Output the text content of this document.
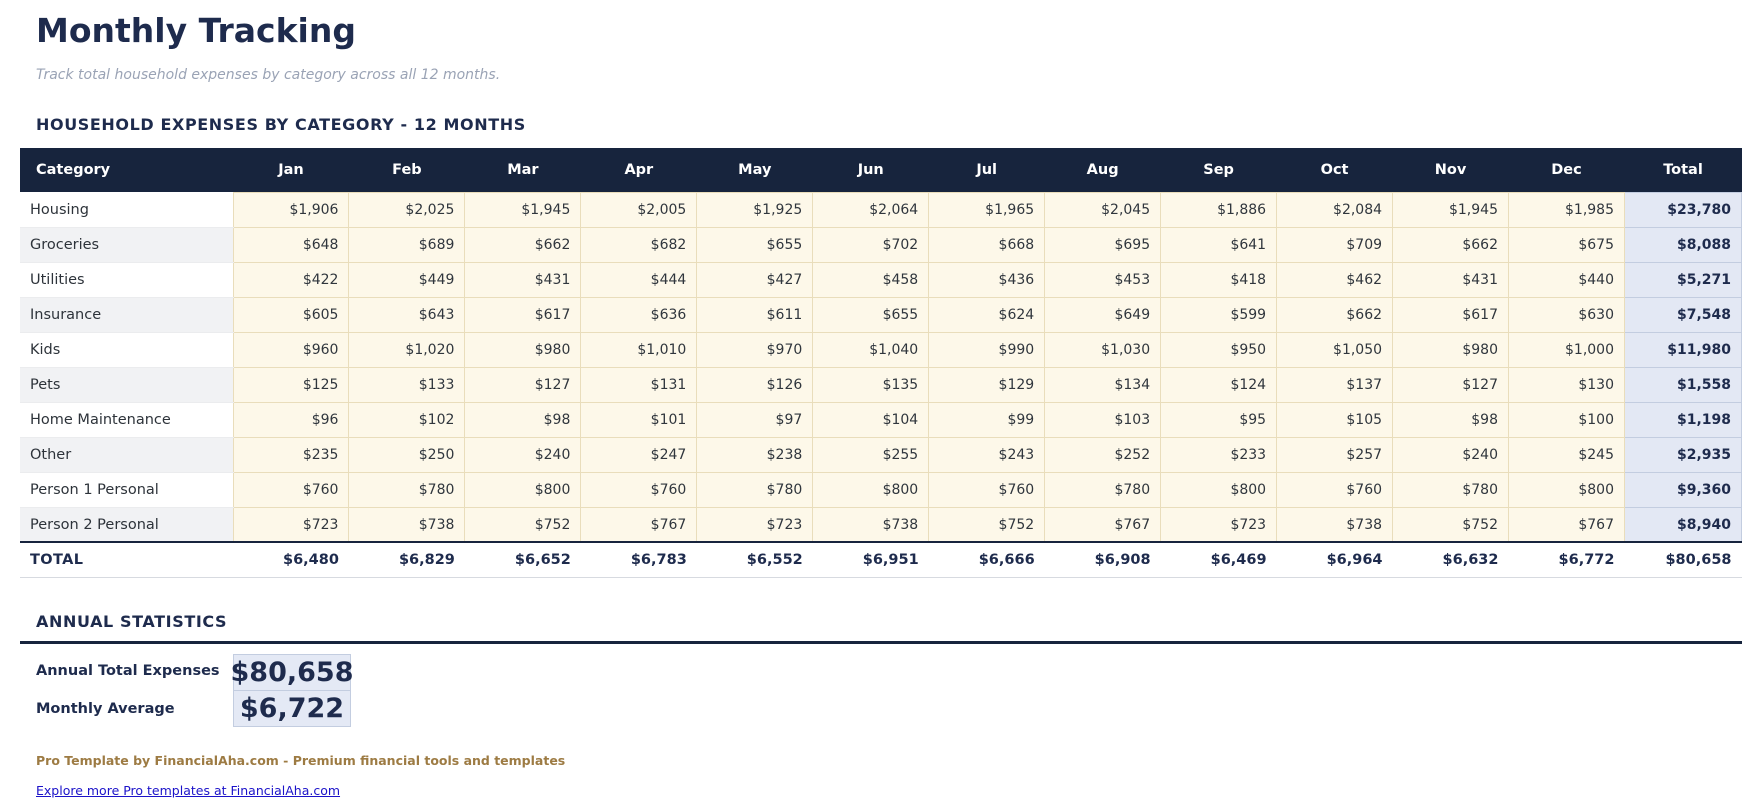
Monthly Tracking

Track total household expenses by category across all 12 months.

HOUSEHOLD EXPENSES BY CATEGORY - 12 MONTHS
Category	Jan	Feb	Mar	Apr	May	Jun	Jul	Aug	Sep	Oct	Nov	Dec	Total
Housing	$1,906	$2,025	$1,945	$2,005	$1,925	$2,064	$1,965	$2,045	$1,886	$2,084	$1,945	$1,985	$23,780
Groceries	$648	$689	$662	$682	$655	$702	$668	$695	$641	$709	$662	$675	$8,088
Utilities	$422	$449	$431	$444	$427	$458	$436	$453	$418	$462	$431	$440	$5,271
Insurance	$605	$643	$617	$636	$611	$655	$624	$649	$599	$662	$617	$630	$7,548
Kids	$960	$1,020	$980	$1,010	$970	$1,040	$990	$1,030	$950	$1,050	$980	$1,000	$11,980
Pets	$125	$133	$127	$131	$126	$135	$129	$134	$124	$137	$127	$130	$1,558
Home Maintenance	$96	$102	$98	$101	$97	$104	$99	$103	$95	$105	$98	$100	$1,198
Other	$235	$250	$240	$247	$238	$255	$243	$252	$233	$257	$240	$245	$2,935
Person 1 Personal	$760	$780	$800	$760	$780	$800	$760	$780	$800	$760	$780	$800	$9,360
Person 2 Personal	$723	$738	$752	$767	$723	$738	$752	$767	$723	$738	$752	$767	$8,940
TOTAL	$6,480	$6,829	$6,652	$6,783	$6,552	$6,951	$6,666	$6,908	$6,469	$6,964	$6,632	$6,772	$80,658
ANNUAL STATISTICS
Annual Total Expenses $80,658
Monthly Average	$6,722

Pro Template by FinancialAha.com - Premium financial tools and templates

Explore more Pro templates at FinancialAha.com
